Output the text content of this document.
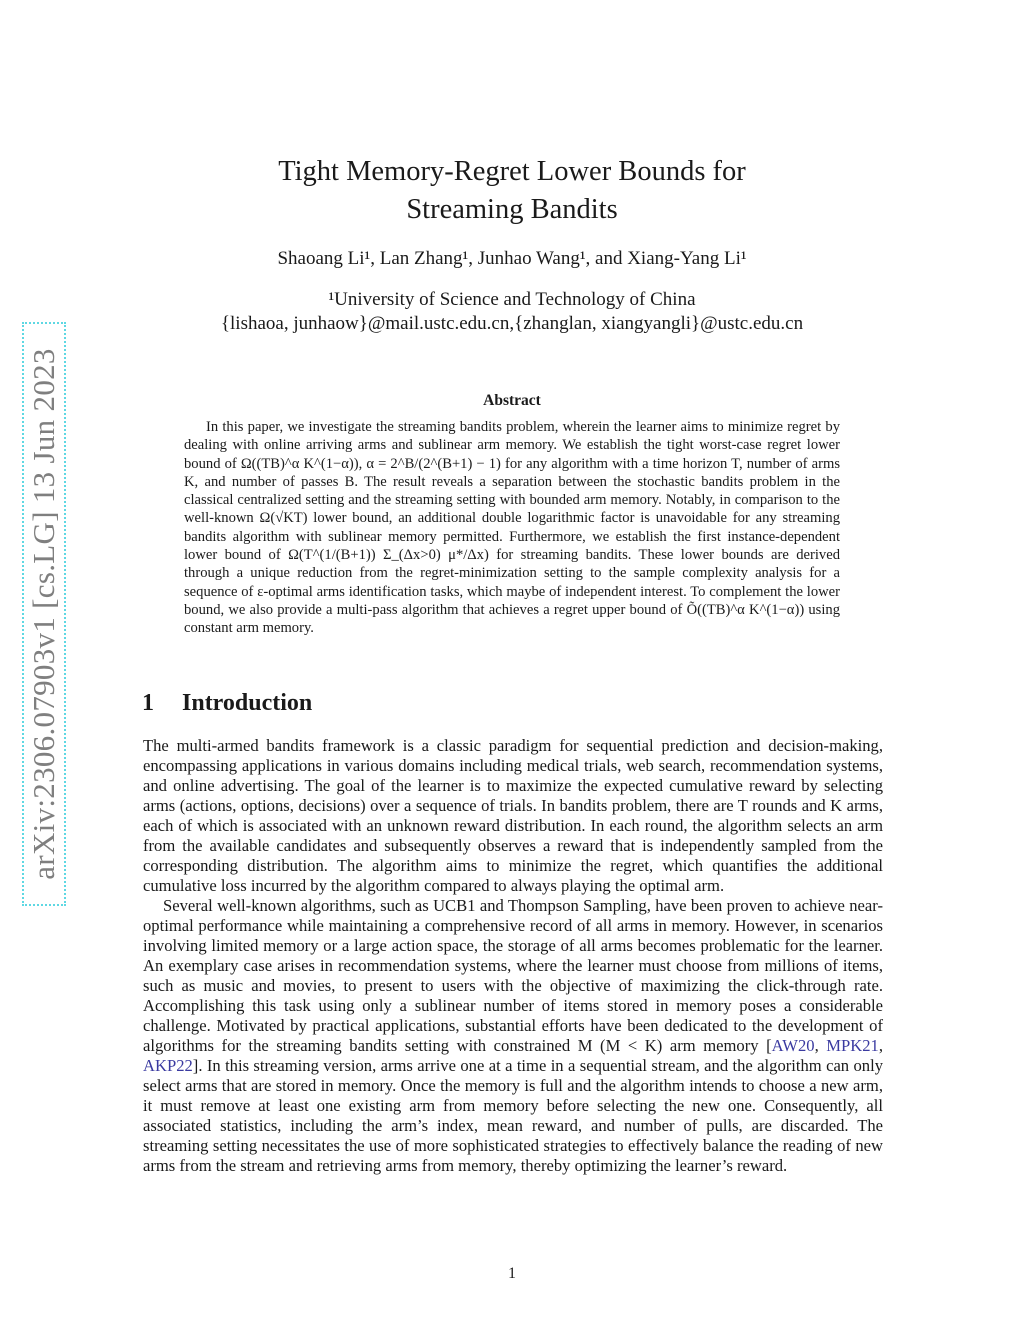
arXiv:2306.07903v1 [cs.LG] 13 Jun 2023
Tight Memory-Regret Lower Bounds for
Streaming Bandits
Shaoang Li¹, Lan Zhang¹, Junhao Wang¹, and Xiang-Yang Li¹
¹University of Science and Technology of China
{lishaoa, junhaow}@mail.ustc.edu.cn,{zhanglan, xiangyangli}@ustc.edu.cn
Abstract

In this paper, we investigate the streaming bandits problem, wherein the learner aims to minimize regret by dealing with online arriving arms and sublinear arm memory. We establish the tight worst-case regret lower bound of Ω((TB)^α K^(1−α)), α = 2^B/(2^(B+1) − 1) for any algorithm with a time horizon T, number of arms K, and number of passes B. The result reveals a separation between the stochastic bandits problem in the classical centralized setting and the streaming setting with bounded arm memory. Notably, in comparison to the well-known Ω(√KT) lower bound, an additional double logarithmic factor is unavoidable for any streaming bandits algorithm with sublinear memory permitted. Furthermore, we establish the first instance-dependent lower bound of Ω(T^(1/(B+1)) Σ_(Δx>0) μ*/Δx) for streaming bandits. These lower bounds are derived through a unique reduction from the regret-minimization setting to the sample complexity analysis for a sequence of ε-optimal arms identification tasks, which maybe of independent interest. To complement the lower bound, we also provide a multi-pass algorithm that achieves a regret upper bound of Õ((TB)^α K^(1−α)) using constant arm memory.

1 Introduction

The multi-armed bandits framework is a classic paradigm for sequential prediction and decision-making, encompassing applications in various domains including medical trials, web search, recommendation systems, and online advertising. The goal of the learner is to maximize the expected cumulative reward by selecting arms (actions, options, decisions) over a sequence of trials. In bandits problem, there are T rounds and K arms, each of which is associated with an unknown reward distribution. In each round, the algorithm selects an arm from the available candidates and subsequently observes a reward that is independently sampled from the corresponding distribution. The algorithm aims to minimize the regret, which quantifies the additional cumulative loss incurred by the algorithm compared to always playing the optimal arm.

Several well-known algorithms, such as UCB1 and Thompson Sampling, have been proven to achieve near-optimal performance while maintaining a comprehensive record of all arms in memory. However, in scenarios involving limited memory or a large action space, the storage of all arms becomes problematic for the learner. An exemplary case arises in recommendation systems, where the learner must choose from millions of items, such as music and movies, to present to users with the objective of maximizing the click-through rate. Accomplishing this task using only a sublinear number of items stored in memory poses a considerable challenge. Motivated by practical applications, substantial efforts have been dedicated to the development of algorithms for the streaming bandits setting with constrained M (M < K) arm memory [AW20, MPK21, AKP22]. In this streaming version, arms arrive one at a time in a sequential stream, and the algorithm can only select arms that are stored in memory. Once the memory is full and the algorithm intends to choose a new arm, it must remove at least one existing arm from memory before selecting the new one. Consequently, all associated statistics, including the arm’s index, mean reward, and number of pulls, are discarded. The streaming setting necessitates the use of more sophisticated strategies to effectively balance the reading of new arms from the stream and retrieving arms from memory, thereby optimizing the learner’s reward.

1
